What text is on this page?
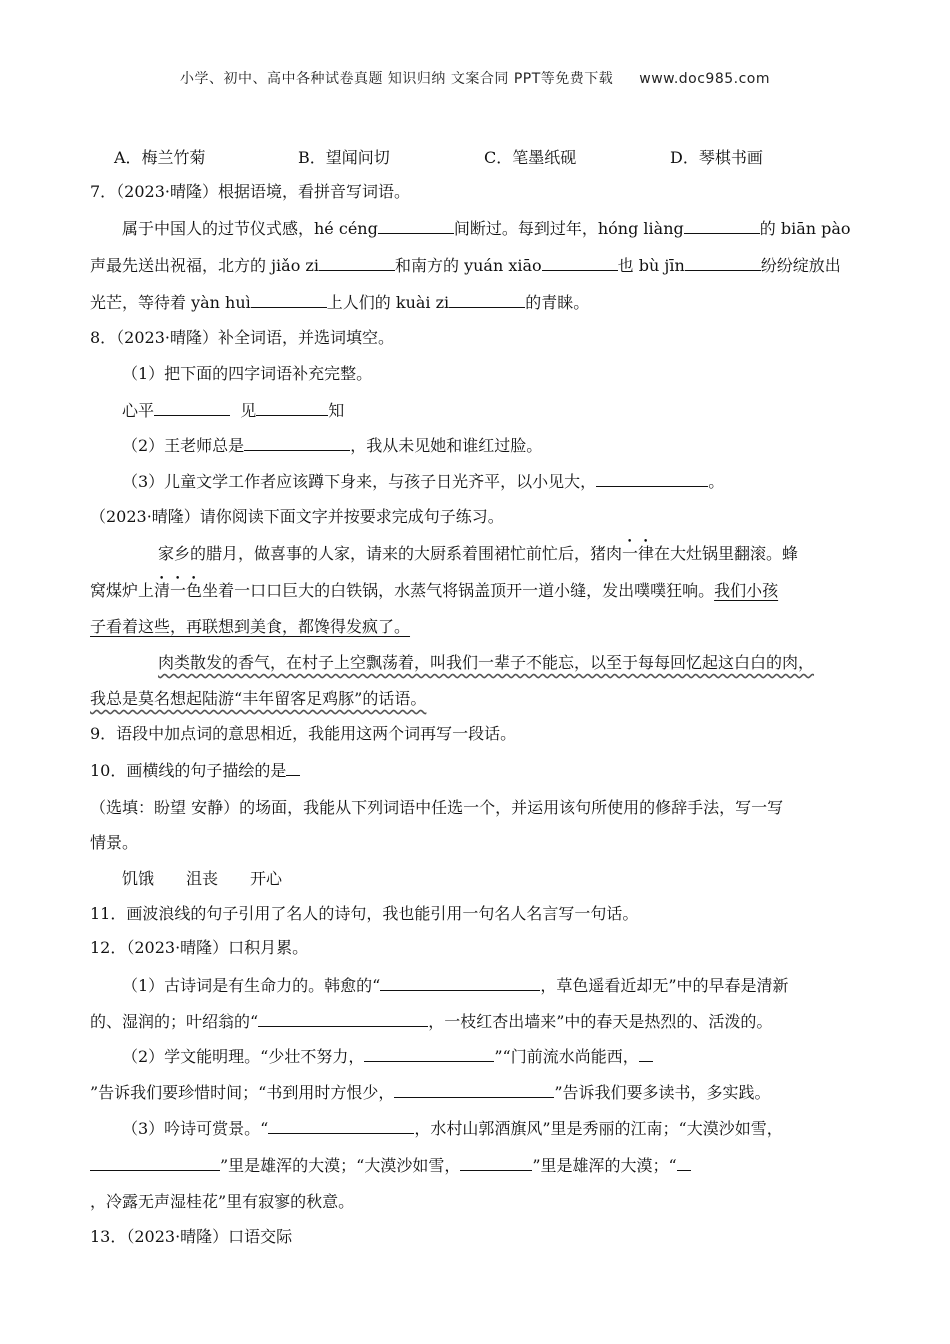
小学、初中、高中各种试卷真题 知识归纳 文案合同 PPT等免费下载 www.doc985.com
A．梅兰竹菊	B．望闻问切	C．笔墨纸砚	D．琴棋书画
7．（2023·晴隆）根据语境，看拼音写词语。
属于中国人的过节仪式感，hé céng	间断过。每到过年，hóng liàng	的 biān pào
声最先送出祝福，北方的 jiǎo zi	和南方的 yuán xiāo	也 bù jīn	纷纷绽放出
光芒，等待着 yàn huì	上人们的 kuài zi	的青睐。
8．（2023·晴隆）补全词语，并选词填空。
（1）把下面的四字词语补充完整。
心平	见	知
（2）王老师总是	，我从未见她和谁红过脸。
（3）儿童文学工作者应该蹲下身来，与孩子日光齐平，以小见大，	。
（2023·晴隆）请你阅读下面文字并按要求完成句子练习。
家乡的腊月，做喜事的人家，请来的大厨系着围裙忙前忙后，猪肉一律在大灶锅里翻滚。蜂
窝煤炉上清一色坐着一口口巨大的白铁锅，水蒸气将锅盖顶开一道小缝，发出噗噗狂响。我们小孩
子看着这些，再联想到美食，都馋得发疯了。
肉类散发的香气，在村子上空飘荡着，叫我们一辈子不能忘，以至于每每回忆起这白白的肉，
我总是莫名想起陆游“丰年留客足鸡豚”的话语。
9．语段中加点词的意思相近，我能用这两个词再写一段话。
10．画横线的句子描绘的是
（选填：盼望 安静）的场面，我能从下列词语中任选一个，并运用该句所使用的修辞手法，写一写
情景。
饥饿 沮丧 开心
11．画波浪线的句子引用了名人的诗句，我也能引用一句名人名言写一句话。
12．（2023·晴隆）口积月累。
（1）古诗词是有生命力的。韩愈的“	，草色遥看近却无”中的早春是清新
的、湿润的；叶绍翁的“	，一枝红杏出墙来”中的春天是热烈的、活泼的。
（2）学文能明理。“少壮不努力，	”“门前流水尚能西，
”告诉我们要珍惜时间；“书到用时方恨少，	”告诉我们要多读书，多实践。
（3）吟诗可赏景。“	，水村山郭酒旗风”里是秀丽的江南；“大漠沙如雪，
”里是雄浑的大漠；“大漠沙如雪，	”里是雄浑的大漠；“
，冷露无声湿桂花”里有寂寥的秋意。
13．（2023·晴隆）口语交际
